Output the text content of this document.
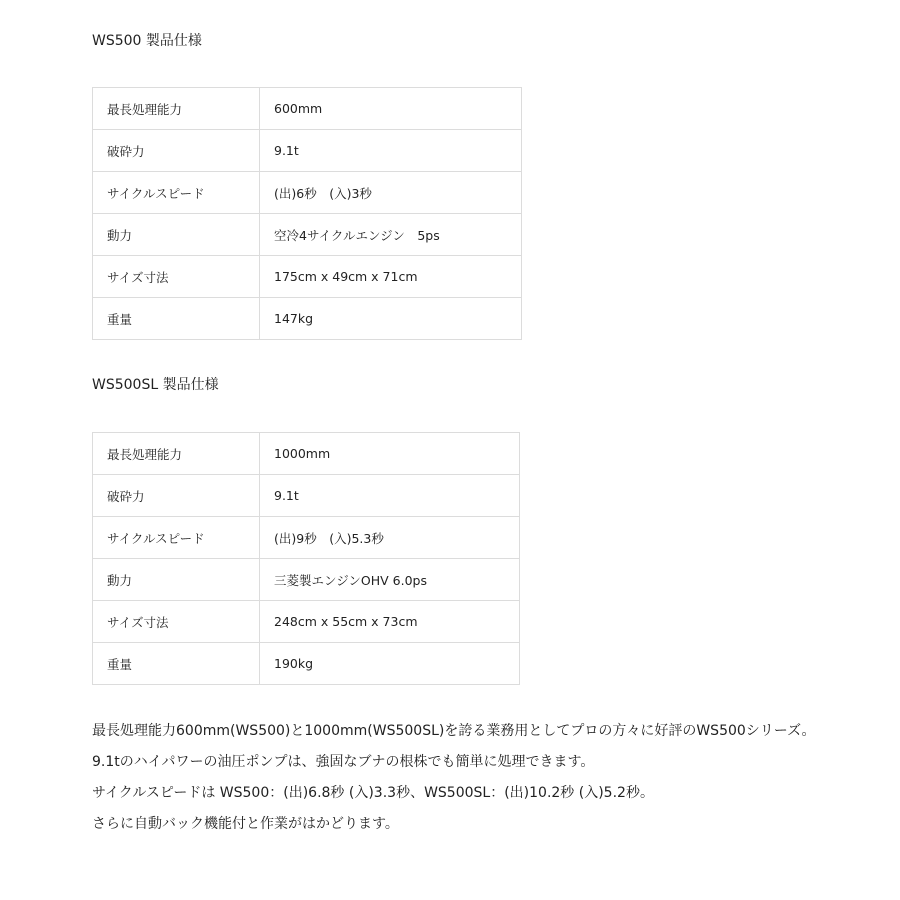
WS500 製品仕様
最長処理能力	600mm
破砕力	9.1t
サイクルスピード	(出)6秒　(入)3秒
動力	空冷4サイクルエンジン　5ps
サイズ寸法	175cm x 49cm x 71cm
重量	147kg
WS500SL 製品仕様
最長処理能力	1000mm
破砕力	9.1t
サイクルスピード	(出)9秒　(入)5.3秒
動力	三菱製エンジンOHV 6.0ps
サイズ寸法	248cm x 55cm x 73cm
重量	190kg

最長処理能力600mm(WS500)と1000mm(WS500SL)を誇る業務用としてプロの方々に好評のWS500シリーズ。

9.1tのハイパワーの油圧ポンプは、強固なブナの根株でも簡単に処理できます。

サイクルスピードは WS500：(出)6.8秒 (入)3.3秒、WS500SL：(出)10.2秒 (入)5.2秒。

さらに自動バック機能付と作業がはかどります。
